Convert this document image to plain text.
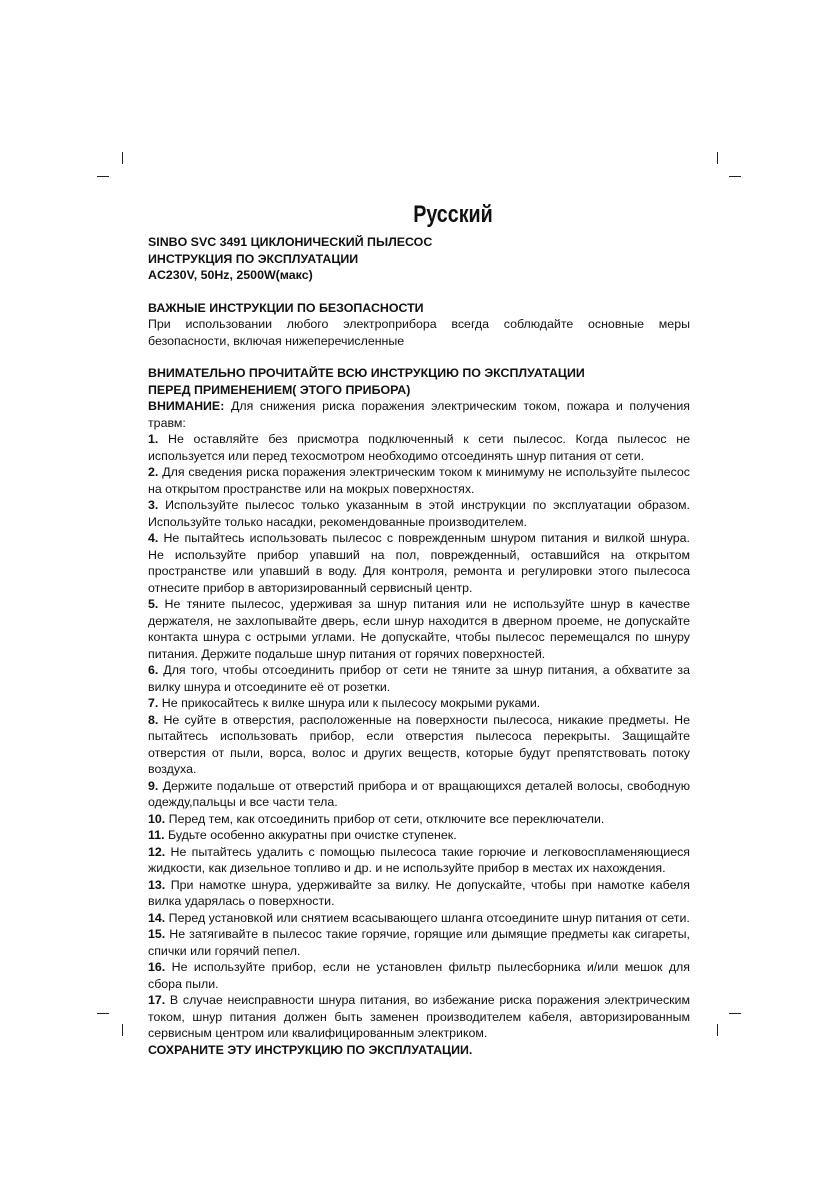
Русский
SINBO SVC 3491 ЦИКЛОНИЧЕСКИЙ ПЫЛЕСОС
ИНСТРУКЦИЯ ПО ЭКСПЛУАТАЦИИ
AC230V, 50Hz, 2500W(макс)
ВАЖНЫЕ ИНСТРУКЦИИ ПО БЕЗОПАСНОСТИ

При использовании любого электроприбора всегда соблюдайте основные меры безопасности, включая нижеперечисленные

ВНИМАТЕЛЬНО ПРОЧИТАЙТЕ ВСЮ ИНСТРУКЦИЮ ПО ЭКСПЛУАТАЦИИ
ПЕРЕД ПРИМЕНЕНИЕМ( ЭТОГО ПРИБОРА)

ВНИМАНИЕ: Для снижения риска поражения электрическим током, пожара и получения травм:

1. Не оставляйте без присмотра подключенный к сети пылесос. Когда пылесос не используется или перед техосмотром необходимо отсоединять шнур питания от сети.

2. Для сведения риска поражения электрическим током к минимуму не используйте пылесос на открытом пространстве или на мокрых поверхностях.

3. Используйте пылесос только указанным в этой инструкции по эксплуатации образом. Используйте только насадки, рекомендованные производителем.

4. Не пытайтесь использовать пылесос с поврежденным шнуром питания и вилкой шнура. Не используйте прибор упавший на пол, поврежденный, оставшийся на открытом пространстве или упавший в воду. Для контроля, ремонта и регулировки этого пылесоса отнесите прибор в авторизированный сервисный центр.

5. Не тяните пылесос, удерживая за шнур питания или не используйте шнур в качестве держателя, не захлопывайте дверь, если шнур находится в дверном проеме, не допускайте контакта шнура с острыми углами. Не допускайте, чтобы пылесос перемещался по шнуру питания. Держите подальше шнур питания от горячих поверхностей.

6. Для того, чтобы отсоединить прибор от сети не тяните за шнур питания, а обхватите за вилку шнура и отсоедините её от розетки.

7. Не прикосайтесь к вилке шнура или к пылесосу мокрыми руками.

8. Не суйте в отверстия, расположенные на поверхности пылесоса, никакие предметы. Не пытайтесь использовать прибор, если отверстия пылесоса перекрыты. Защищайте отверстия от пыли, ворса, волос и других веществ, которые будут препятствовать потоку воздуха.

9. Держите подальше от отверстий прибора и от вращающихся деталей волосы, свободную одежду,пальцы и все части тела.

10. Перед тем, как отсоединить прибор от сети, отключите все переключатели.

11. Будьте особенно аккуратны при очистке ступенек.

12. Не пытайтесь удалить с помощью пылесоса такие горючие и легковоспламеняющиеся жидкости, как дизельное топливо и др. и не используйте прибор в местах их нахождения.

13. При намотке шнура, удерживайте за вилку. Не допускайте, чтобы при намотке кабеля вилка ударялась о поверхности.

14. Перед установкой или снятием всасывающего шланга отсоедините шнур питания от сети.

15. Не затягивайте в пылесос такие горячие, горящие или дымящие предметы как сигареты, спички или горячий пепел.

16. Не используйте прибор, если не установлен фильтр пылесборника и/или мешок для сбора пыли.

17. В случае неисправности шнура питания, во избежание риска поражения электрическим током, шнур питания должен быть заменен производителем кабеля, авторизированным сервисным центром или квалифицированным электриком.

СОХРАНИТЕ ЭТУ ИНСТРУКЦИЮ ПО ЭКСПЛУАТАЦИИ.
